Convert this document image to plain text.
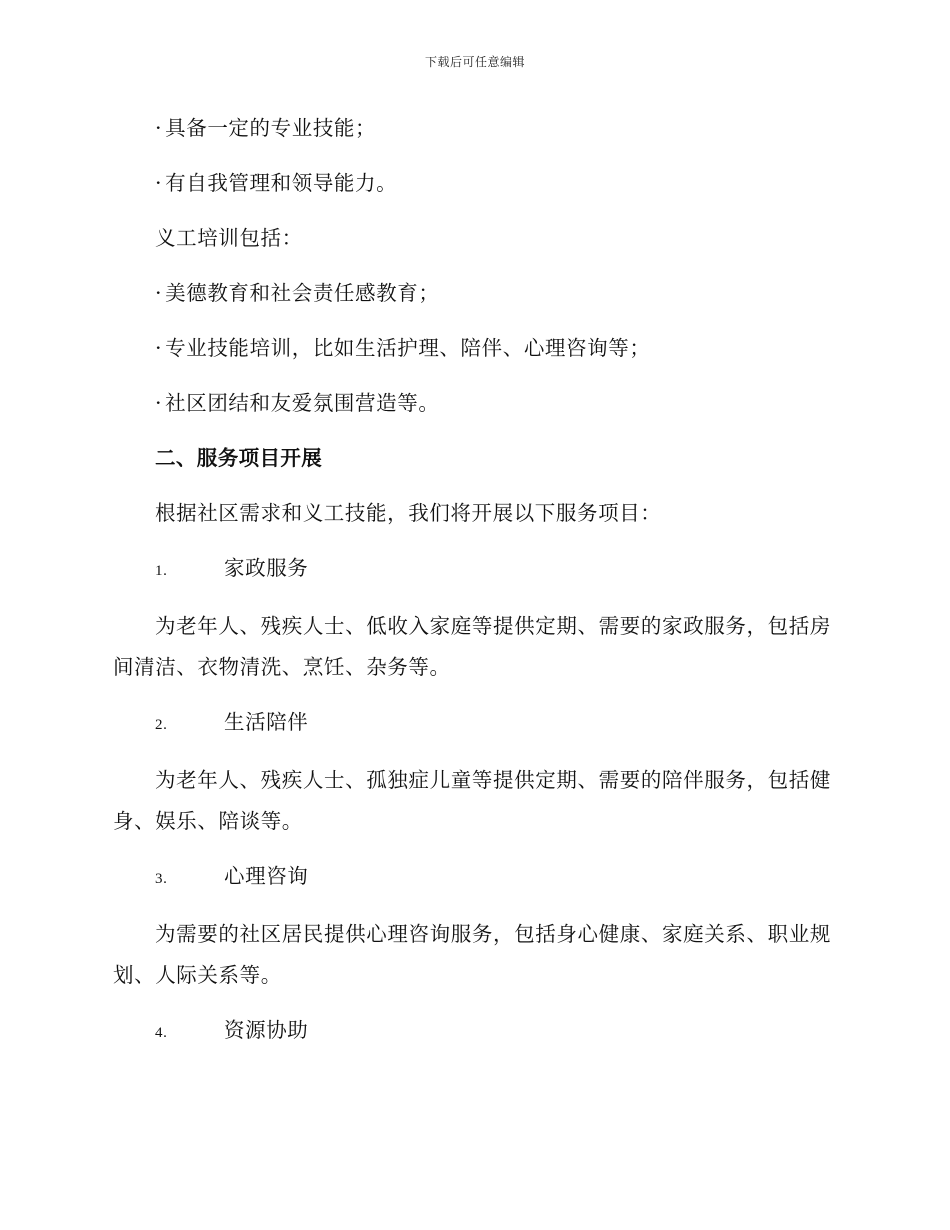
下载后可任意编辑

· 具备一定的专业技能；

· 有自我管理和领导能力。

义工培训包括：

· 美德教育和社会责任感教育；

· 专业技能培训，比如生活护理、陪伴、心理咨询等；

· 社区团结和友爱氛围营造等。

二、服务项目开展

根据社区需求和义工技能，我们将开展以下服务项目：

1.	家政服务

为老年人、残疾人士、低收入家庭等提供定期、需要的家政服务，包括房间清洁、衣物清洗、烹饪、杂务等。

2.	生活陪伴

为老年人、残疾人士、孤独症儿童等提供定期、需要的陪伴服务，包括健身、娱乐、陪谈等。

3.	心理咨询

为需要的社区居民提供心理咨询服务，包括身心健康、家庭关系、职业规划、人际关系等。

4.	资源协助
